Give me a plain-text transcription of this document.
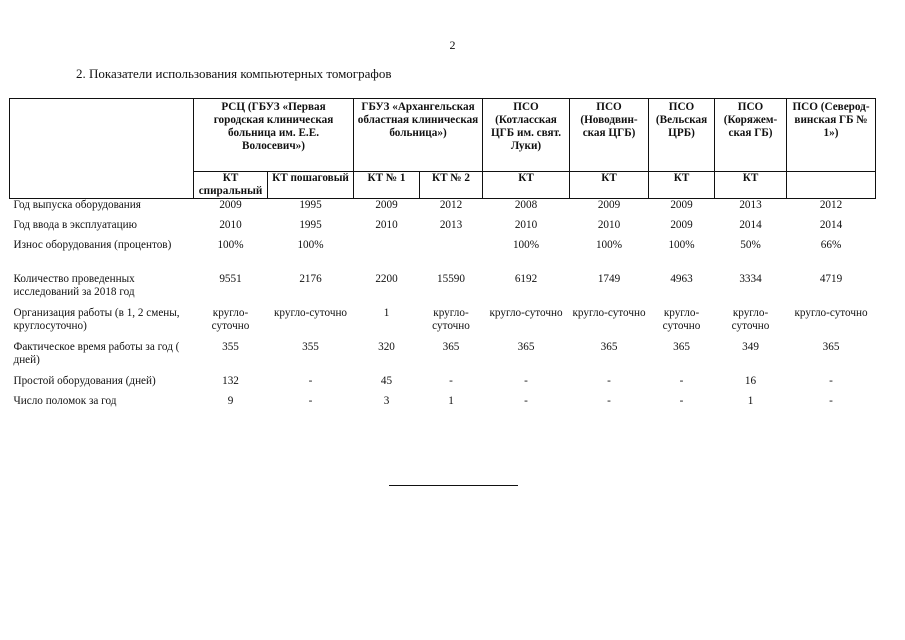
2
2. Показатели использования компьютерных томографов
	РСЦ (ГБУЗ «Первая городская клиническая больница им. Е.Е. Волосевич»)		ГБУЗ «Архангельская областная клиническая больница»)		ПСО (Котласская ЦГБ им. свят. Луки)	ПСО (Новодвин-ская ЦГБ)	ПСО (Вельская ЦРБ)	ПСО (Коряжем-ская ГБ)	ПСО (Северод-винская ГБ № 1»)
	КТ спиральный	КТ пошаговый	КТ № 1	КТ № 2	КТ	КТ	КТ	КТ	
Год выпуска оборудования	2009	1995	2009	2012	2008	2009	2009	2013	2012
Год ввода в эксплуатацию	2010	1995	2010	2013	2010	2010	2009	2014	2014
Износ оборудования (процентов)	100%	100%			100%	100%	100%	50%	66%
Количество проведенных исследований за 2018 год	9551	2176	2200	15590	6192	1749	4963	3334	4719
Организация работы (в 1, 2 смены, круглосуточно)	кругло-суточно	кругло-суточно	1	кругло-суточно	кругло-суточно	кругло-суточно	кругло-суточно	кругло-суточно	кругло-суточно
Фактическое время работы за год ( дней)	355	355	320	365	365	365	365	349	365
Простой оборудования (дней)	132	-	45	-	-	-	-	16	-
Число поломок за год	9	-	3	1	-	-	-	1	-
